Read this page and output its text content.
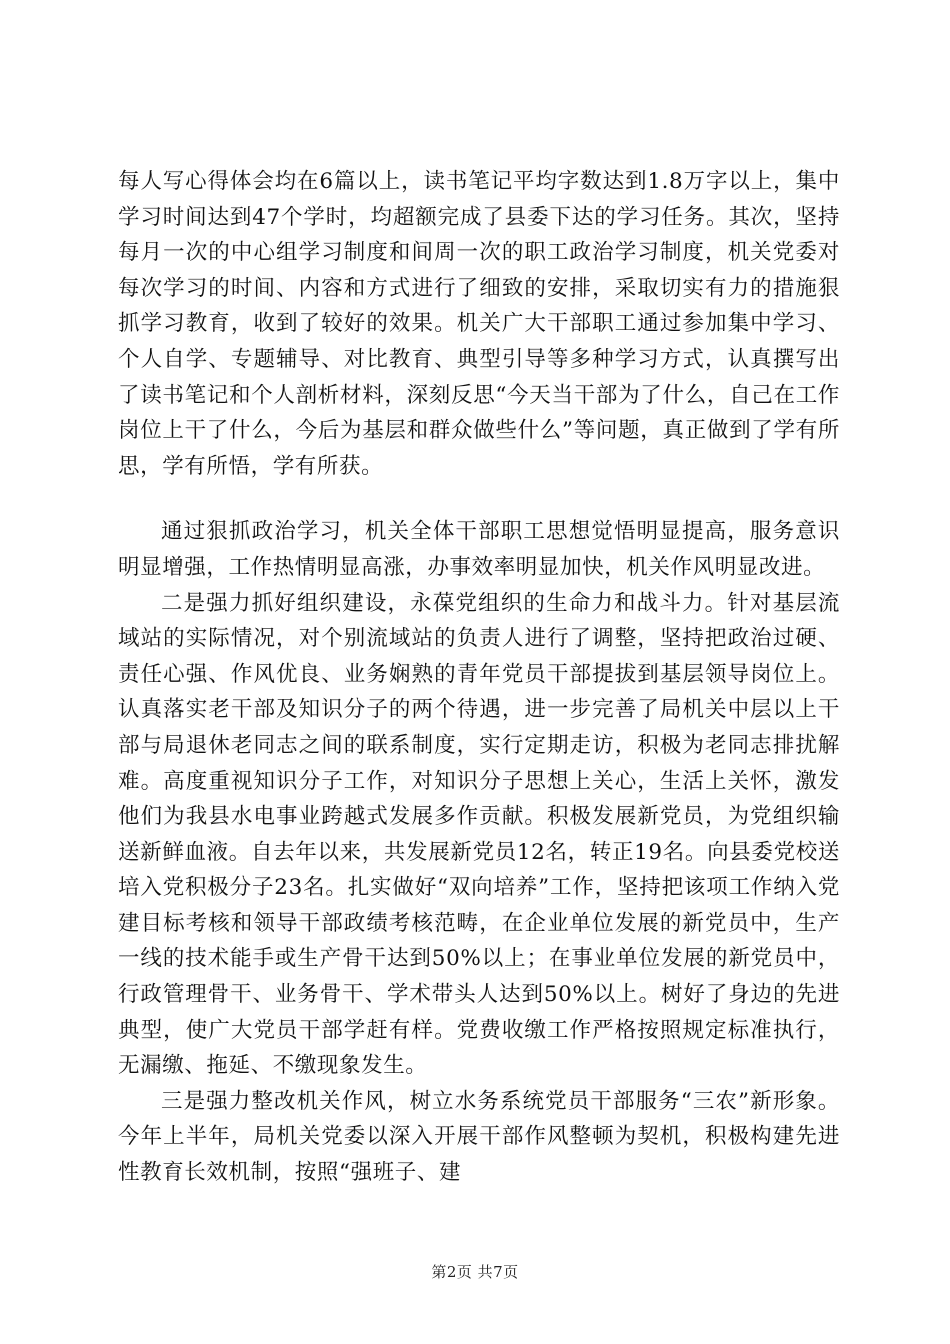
每人写心得体会均在6篇以上，读书笔记平均字数达到1.8万字以上，集中学习时间达到47个学时，均超额完成了县委下达的学习任务。其次，坚持每月一次的中心组学习制度和间周一次的职工政治学习制度，机关党委对每次学习的时间、内容和方式进行了细致的安排，采取切实有力的措施狠抓学习教育，收到了较好的效果。机关广大干部职工通过参加集中学习、个人自学、专题辅导、对比教育、典型引导等多种学习方式，认真撰写出了读书笔记和个人剖析材料，深刻反思“今天当干部为了什么，自己在工作岗位上干了什么，今后为基层和群众做些什么”等问题，真正做到了学有所思，学有所悟，学有所获。

通过狠抓政治学习，机关全体干部职工思想觉悟明显提高，服务意识明显增强，工作热情明显高涨，办事效率明显加快，机关作风明显改进。

二是强力抓好组织建设，永葆党组织的生命力和战斗力。针对基层流域站的实际情况，对个别流域站的负责人进行了调整，坚持把政治过硬、责任心强、作风优良、业务娴熟的青年党员干部提拔到基层领导岗位上。认真落实老干部及知识分子的两个待遇，进一步完善了局机关中层以上干部与局退休老同志之间的联系制度，实行定期走访，积极为老同志排扰解难。高度重视知识分子工作，对知识分子思想上关心，生活上关怀，激发他们为我县水电事业跨越式发展多作贡献。积极发展新党员，为党组织输送新鲜血液。自去年以来，共发展新党员12名，转正19名。向县委党校送培入党积极分子23名。扎实做好“双向培养”工作，坚持把该项工作纳入党建目标考核和领导干部政绩考核范畴，在企业单位发展的新党员中，生产一线的技术能手或生产骨干达到50%以上；在事业单位发展的新党员中，行政管理骨干、业务骨干、学术带头人达到50%以上。树好了身边的先进典型，使广大党员干部学赶有样。党费收缴工作严格按照规定标准执行，无漏缴、拖延、不缴现象发生。

三是强力整改机关作风，树立水务系统党员干部服务“三农”新形象。今年上半年，局机关党委以深入开展干部作风整顿为契机，积极构建先进性教育长效机制，按照“强班子、建

第2页 共7页
